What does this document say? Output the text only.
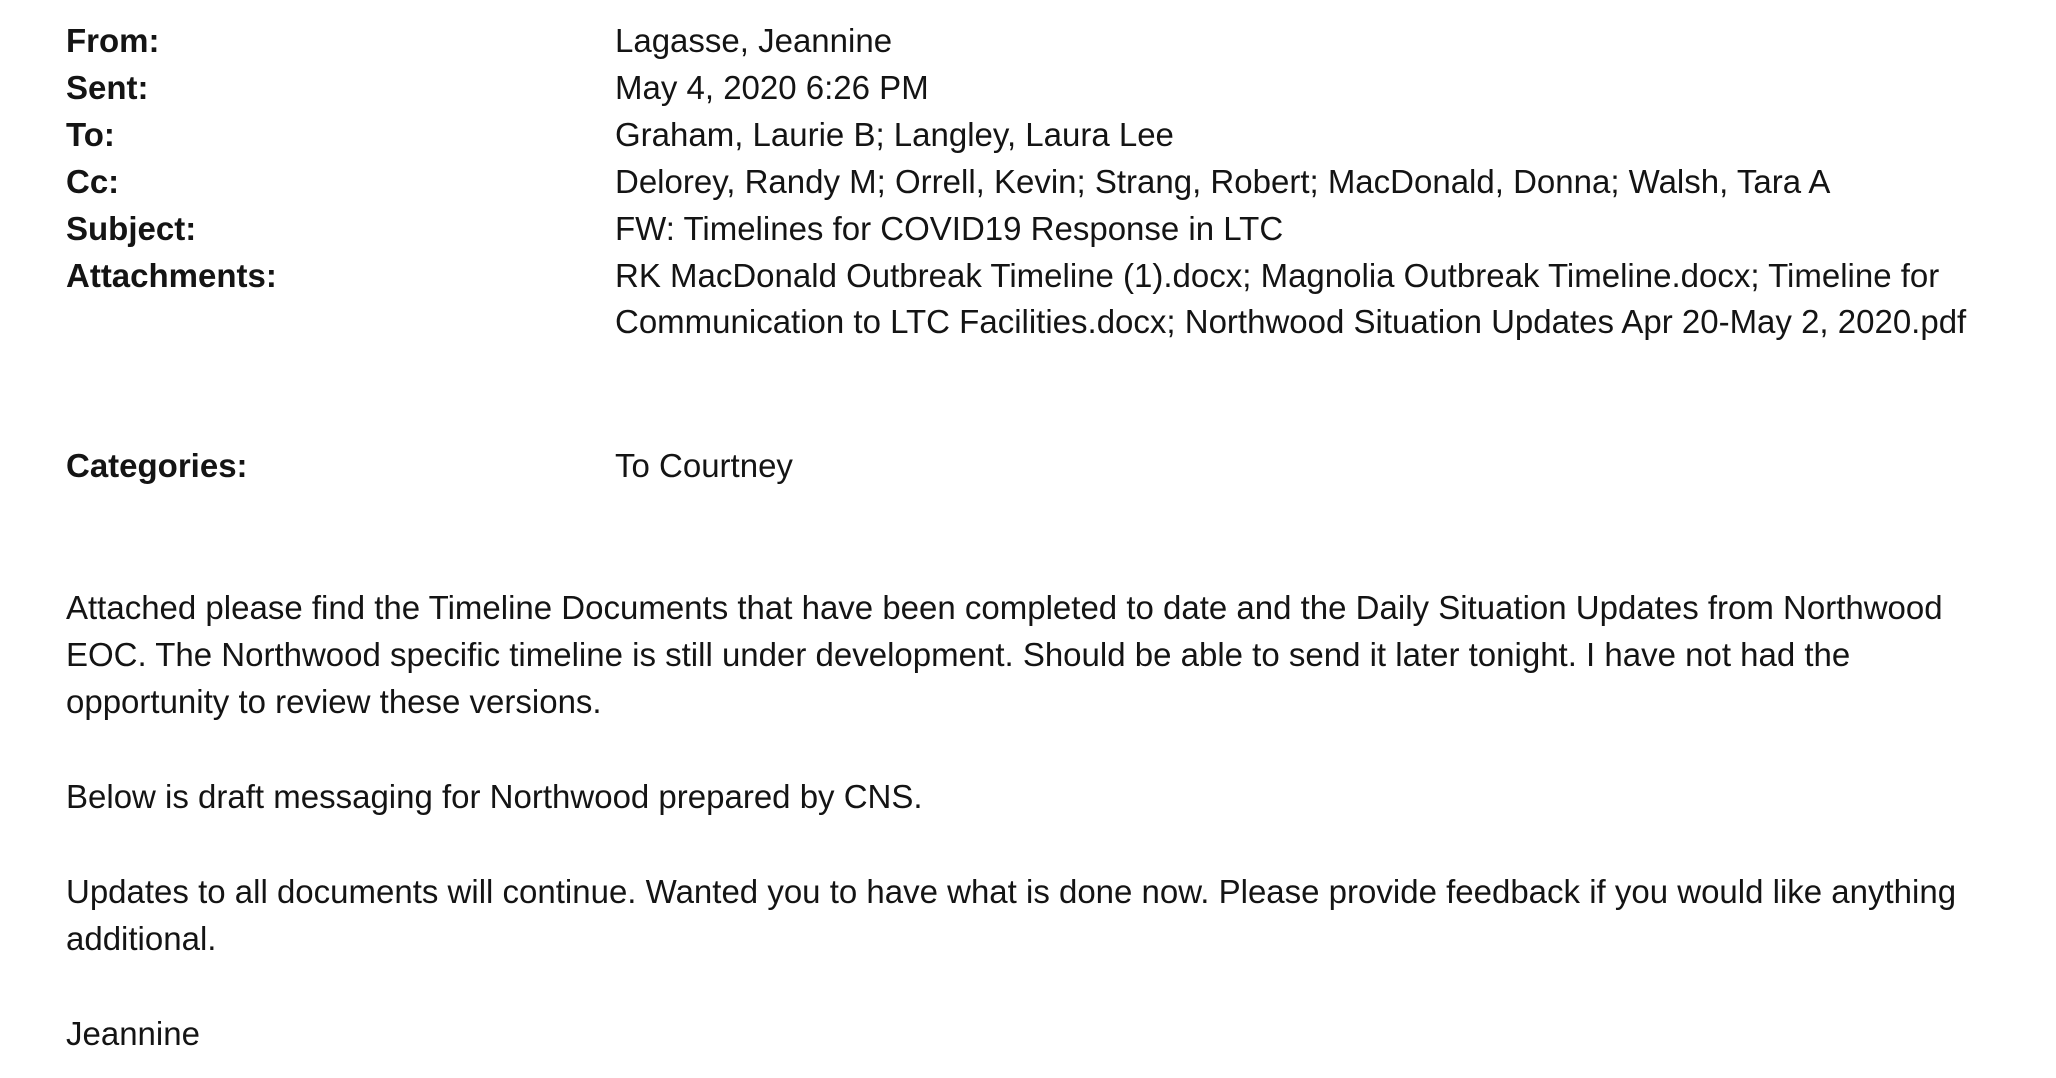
From:	Lagasse, Jeannine
Sent:	May 4, 2020 6:26 PM
To:	Graham, Laurie B; Langley, Laura Lee
Cc:	Delorey, Randy M; Orrell, Kevin; Strang, Robert; MacDonald, Donna; Walsh, Tara A
Subject:	FW: Timelines for COVID19 Response in LTC
Attachments:	RK MacDonald Outbreak Timeline (1).docx; Magnolia Outbreak Timeline.docx; Timeline for Communication to LTC Facilities.docx; Northwood Situation Updates Apr 20-May 2, 2020.pdf
Categories:	To Courtney

Attached please find the Timeline Documents that have been completed to date and the Daily Situation Updates from Northwood EOC. The Northwood specific timeline is still under development. Should be able to send it later tonight. I have not had the opportunity to review these versions.

Below is draft messaging for Northwood prepared by CNS.

Updates to all documents will continue. Wanted you to have what is done now. Please provide feedback if you would like anything additional.

Jeannine
